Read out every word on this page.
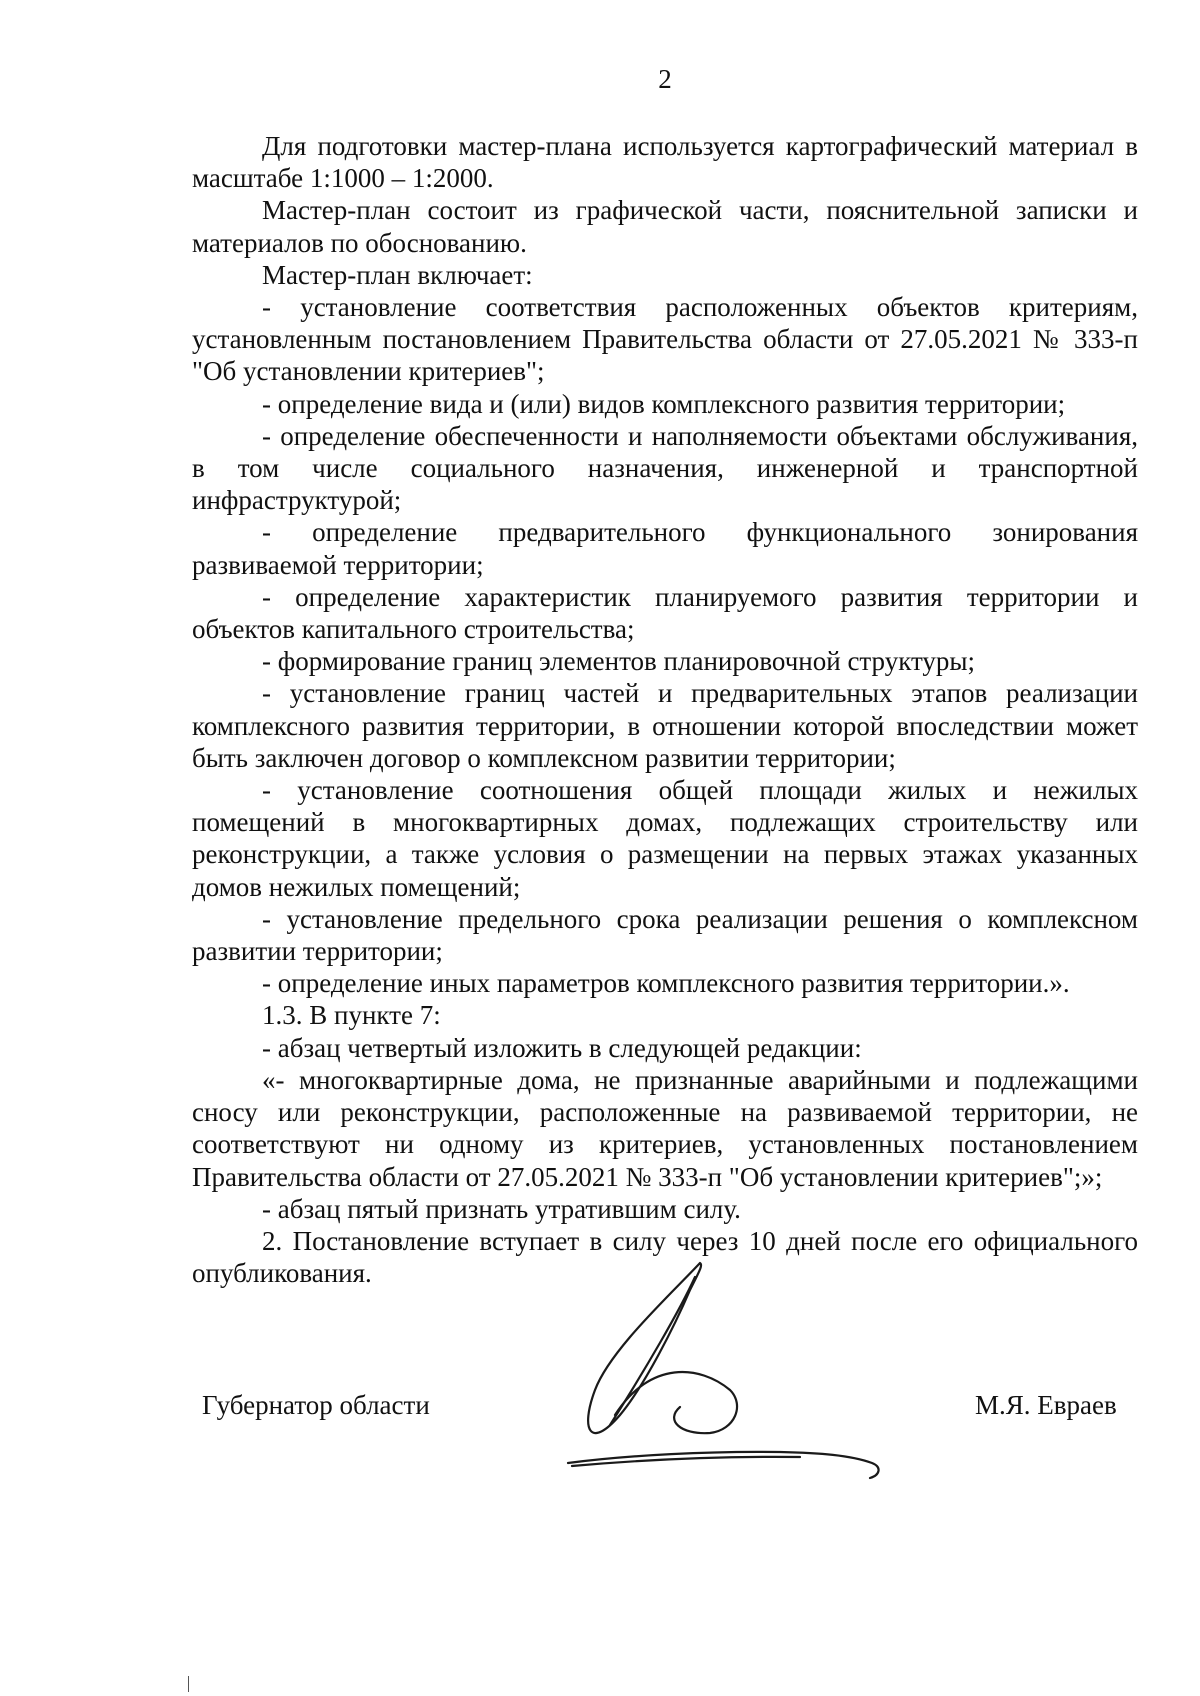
2

Для подготовки мастер-плана используется картографический материал в масштабе 1:1000 – 1:2000.

Мастер-план состоит из графической части, пояснительной записки и материалов по обоснованию.

Мастер-план включает:

- установление соответствия расположенных объектов критериям, установленным постановлением Правительства области от 27.05.2021 № 333-п "Об установлении критериев";

- определение вида и (или) видов комплексного развития территории;

- определение обеспеченности и наполняемости объектами обслуживания, в том числе социального назначения, инженерной и транспортной инфраструктурой;

- определение предварительного функционального зонирования развиваемой территории;

- определение характеристик планируемого развития территории и объектов капитального строительства;

- формирование границ элементов планировочной структуры;

- установление границ частей и предварительных этапов реализации комплексного развития территории, в отношении которой впоследствии может быть заключен договор о комплексном развитии территории;

- установление соотношения общей площади жилых и нежилых помещений в многоквартирных домах, подлежащих строительству или реконструкции, а также условия о размещении на первых этажах указанных домов нежилых помещений;

- установление предельного срока реализации решения о комплексном развитии территории;

- определение иных параметров комплексного развития территории.».

1.3. В пункте 7:

- абзац четвертый изложить в следующей редакции:

«- многоквартирные дома, не признанные аварийными и подлежащими сносу или реконструкции, расположенные на развиваемой территории, не соответствуют ни одному из критериев, установленных постановлением Правительства области от 27.05.2021 № 333-п "Об установлении критериев";»;

- абзац пятый признать утратившим силу.

2. Постановление вступает в силу через 10 дней после его официального опубликования.

Губернатор области	М.Я. Евраев
